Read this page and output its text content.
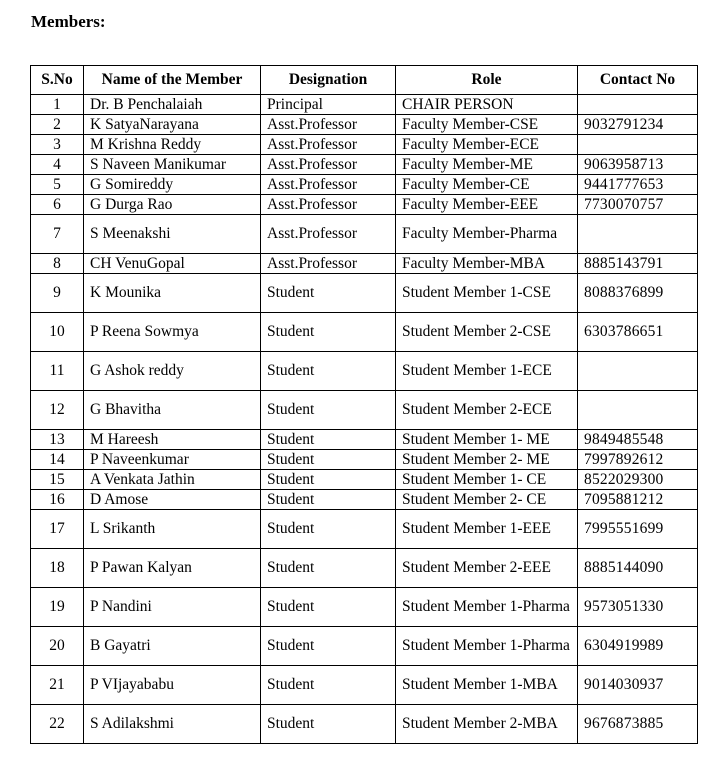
Members:
S.No	Name of the Member	Designation	Role	Contact No
1	Dr. B Penchalaiah	Principal	CHAIR PERSON	
2	K SatyaNarayana	Asst.Professor	Faculty Member-CSE	9032791234
3	M Krishna Reddy	Asst.Professor	Faculty Member-ECE	
4	S Naveen Manikumar	Asst.Professor	Faculty Member-ME	9063958713
5	G Somireddy	Asst.Professor	Faculty Member-CE	9441777653
6	G Durga Rao	Asst.Professor	Faculty Member-EEE	7730070757
7	S Meenakshi	Asst.Professor	Faculty Member-Pharma	
8	CH VenuGopal	Asst.Professor	Faculty Member-MBA	8885143791
9	K Mounika	Student	Student Member 1-CSE	8088376899
10	P Reena Sowmya	Student	Student Member 2-CSE	6303786651
11	G Ashok reddy	Student	Student Member 1-ECE	
12	G Bhavitha	Student	Student Member 2-ECE	
13	M Hareesh	Student	Student Member 1- ME	9849485548
14	P Naveenkumar	Student	Student Member 2- ME	7997892612
15	A Venkata Jathin	Student	Student Member 1- CE	8522029300
16	D Amose	Student	Student Member 2- CE	7095881212
17	L Srikanth	Student	Student Member 1-EEE	7995551699
18	P Pawan Kalyan	Student	Student Member 2-EEE	8885144090
19	P Nandini	Student	Student Member 1-Pharma	9573051330
20	B Gayatri	Student	Student Member 1-Pharma	6304919989
21	P VIjayababu	Student	Student Member 1-MBA	9014030937
22	S Adilakshmi	Student	Student Member 2-MBA	9676873885
